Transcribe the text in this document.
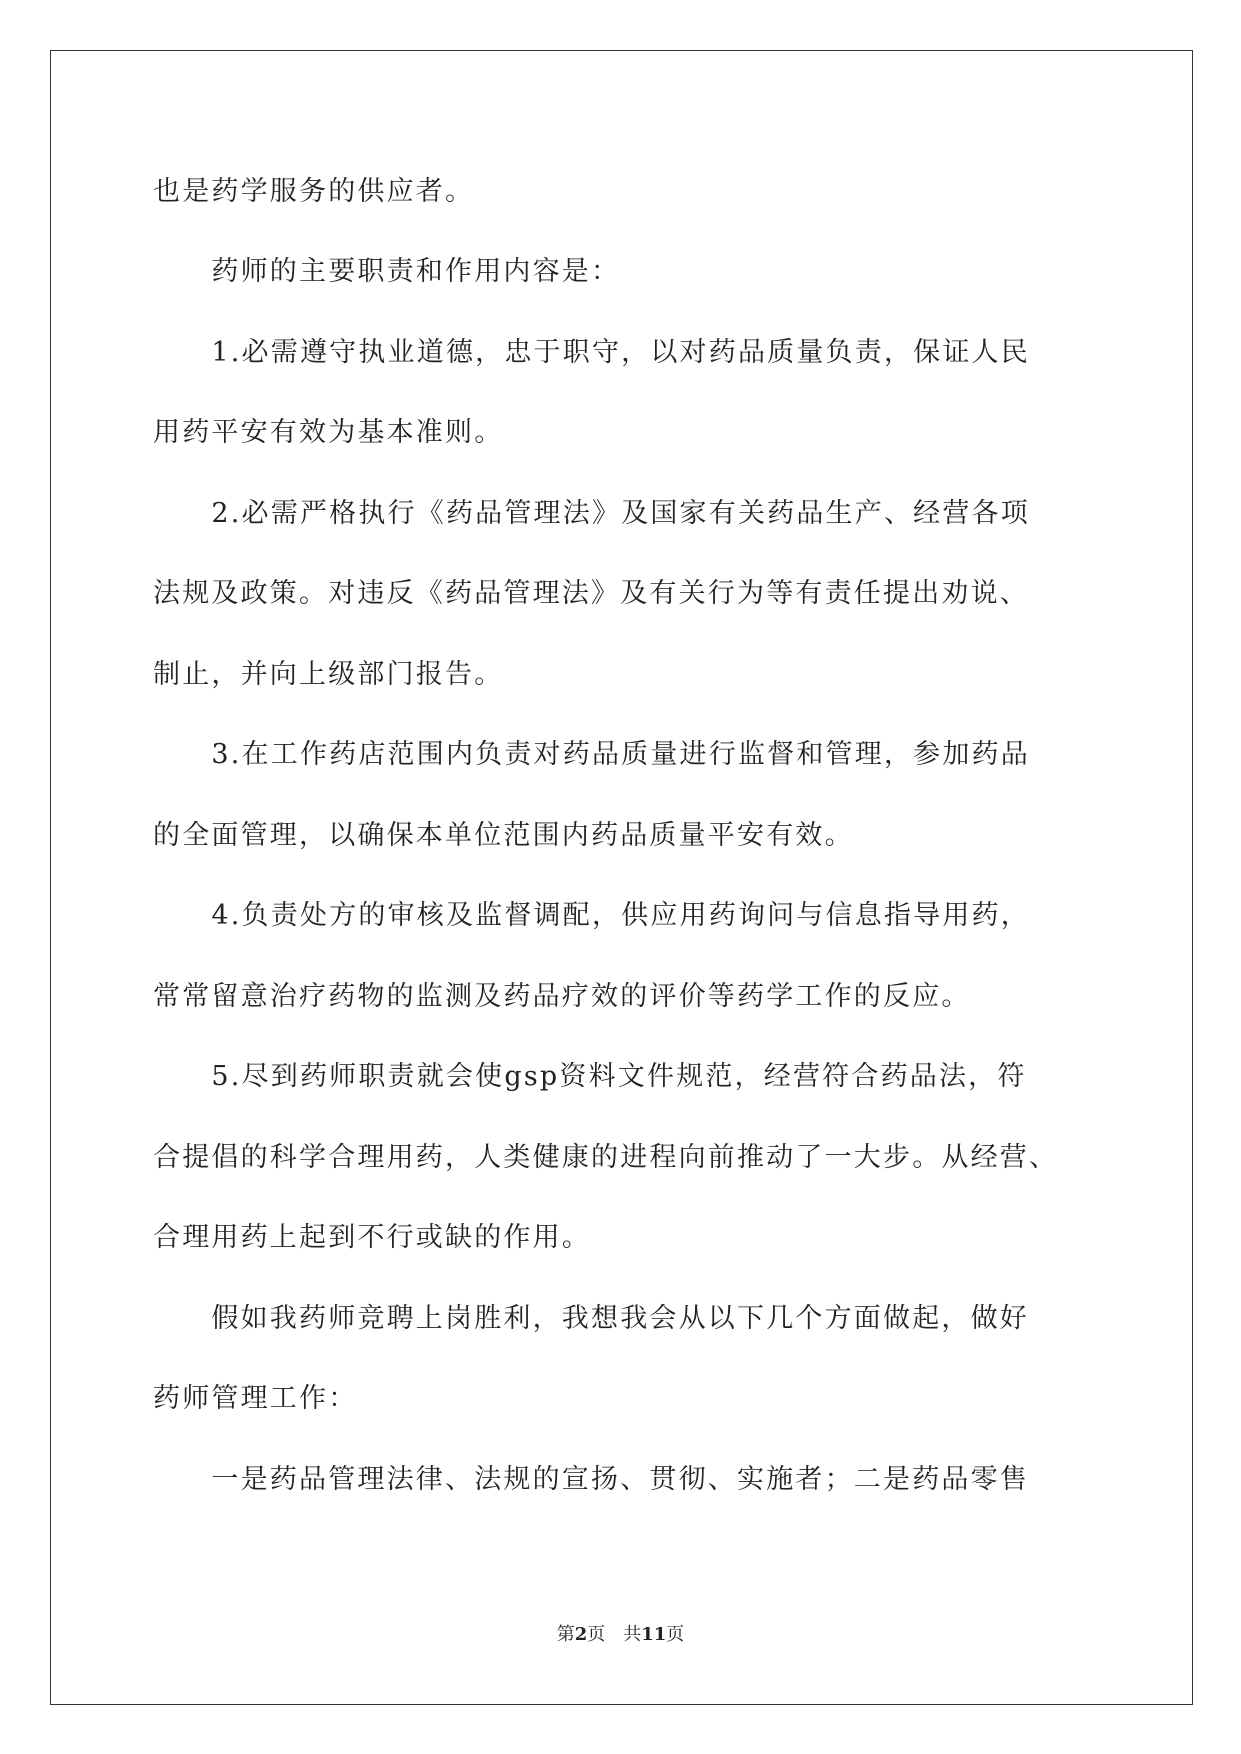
也是药学服务的供应者。
　　药师的主要职责和作用内容是：
　　1.必需遵守执业道德，忠于职守，以对药品质量负责，保证人民
用药平安有效为基本准则。
　　2.必需严格执行《药品管理法》及国家有关药品生产、经营各项
法规及政策。对违反《药品管理法》及有关行为等有责任提出劝说、
制止，并向上级部门报告。
　　3.在工作药店范围内负责对药品质量进行监督和管理，参加药品
的全面管理，以确保本单位范围内药品质量平安有效。
　　4.负责处方的审核及监督调配，供应用药询问与信息指导用药，
常常留意治疗药物的监测及药品疗效的评价等药学工作的反应。
　　5.尽到药师职责就会使gsp资料文件规范，经营符合药品法，符
合提倡的科学合理用药，人类健康的进程向前推动了一大步。从经营、
合理用药上起到不行或缺的作用。
　　假如我药师竞聘上岗胜利，我想我会从以下几个方面做起，做好
药师管理工作：
　　一是药品管理法律、法规的宣扬、贯彻、实施者；二是药品零售
第2页　共11页
